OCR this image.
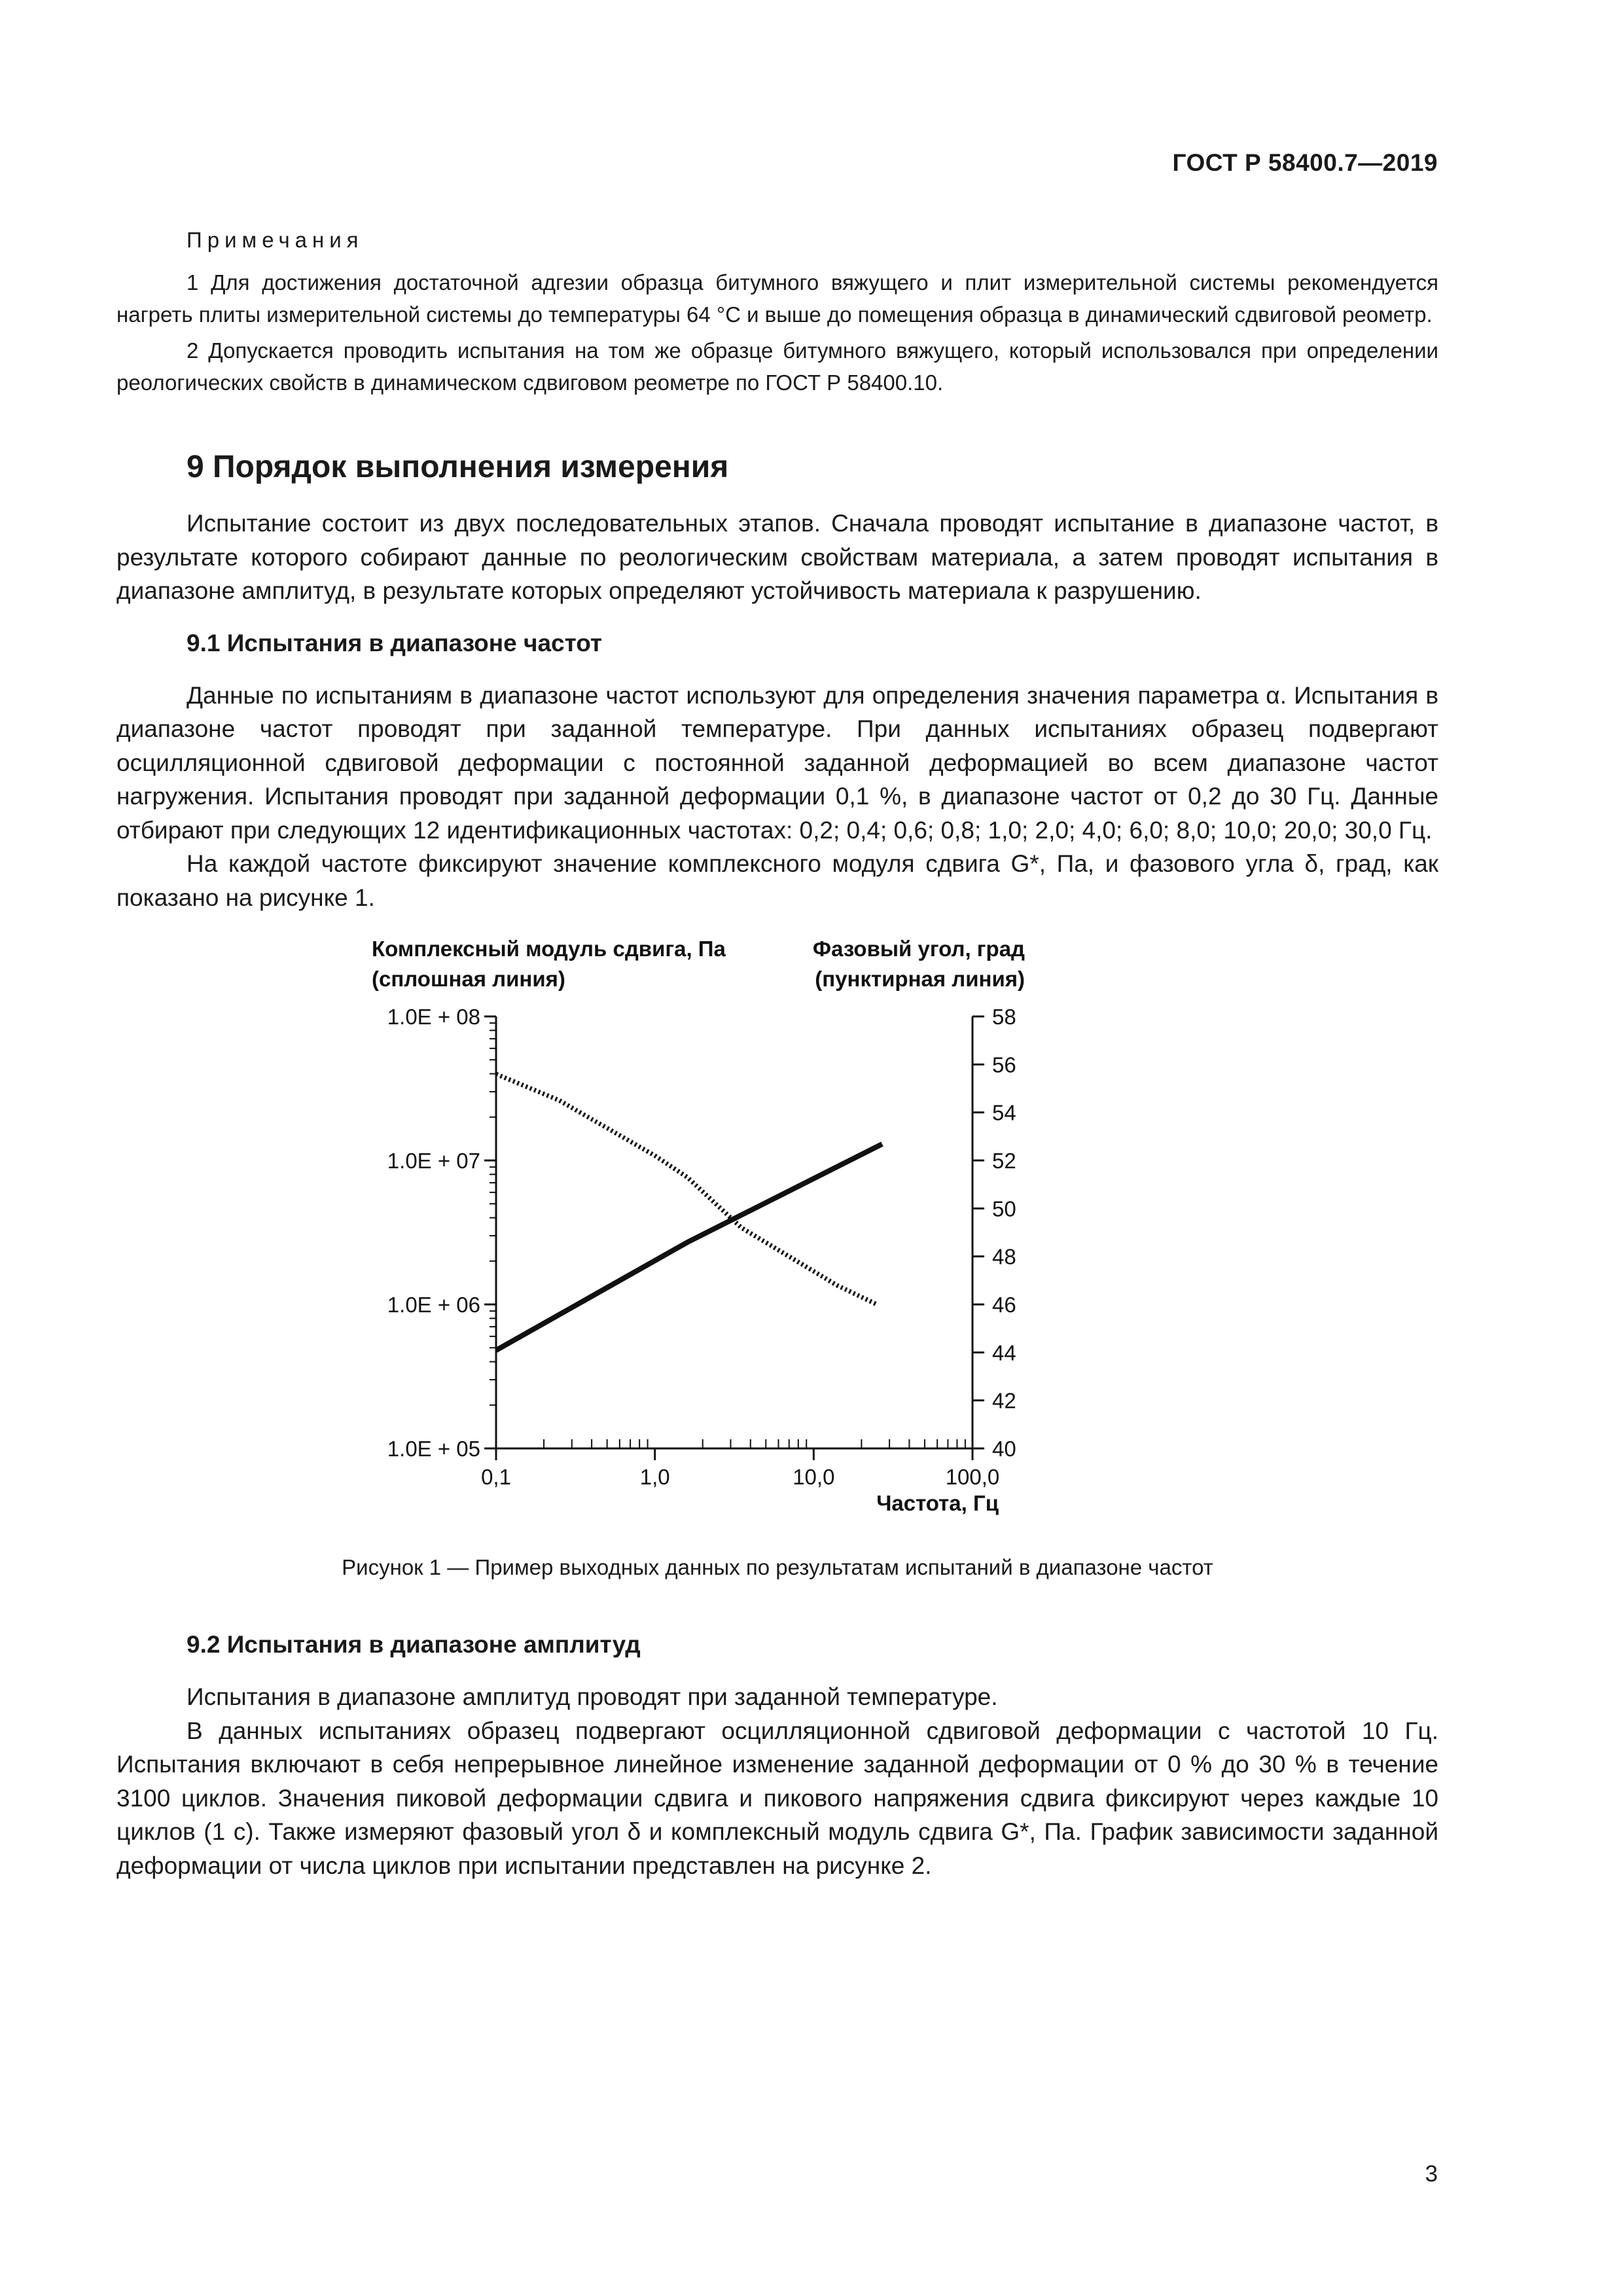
ГОСТ Р 58400.7—2019
Примечания

1 Для достижения достаточной адгезии образца битумного вяжущего и плит измерительной системы рекомендуется нагреть плиты измерительной системы до температуры 64 °С и выше до помещения образца в динамический сдвиговой реометр.

2 Допускается проводить испытания на том же образце битумного вяжущего, который использовался при определении реологических свойств в динамическом сдвиговом реометре по ГОСТ Р 58400.10.

9 Порядок выполнения измерения

Испытание состоит из двух последовательных этапов. Сначала проводят испытание в диапазоне частот, в результате которого собирают данные по реологическим свойствам материала, а затем проводят испытания в диапазоне амплитуд, в результате которых определяют устойчивость материала к разрушению.

9.1 Испытания в диапазоне частот

Данные по испытаниям в диапазоне частот используют для определения значения параметра α. Испытания в диапазоне частот проводят при заданной температуре. При данных испытаниях образец подвергают осцилляционной сдвиговой деформации с постоянной заданной деформацией во всем диапазоне частот нагружения. Испытания проводят при заданной деформации 0,1 %, в диапазоне частот от 0,2 до 30 Гц. Данные отбирают при следующих 12 идентификационных частотах: 0,2; 0,4; 0,6; 0,8; 1,0; 2,0; 4,0; 6,0; 8,0; 10,0; 20,0; 30,0 Гц.

На каждой частоте фиксируют значение комплексного модуля сдвига G*, Па, и фазового угла δ, град, как показано на рисунке 1.

Комплексный модуль сдвига, Па
(сплошная линия)
Фазовый угол, град
(пунктирная линия)
Частота, Гц
1.0E + 05
1.0E + 06
1.0E + 07
1.0E + 08
40
42
44
46
48
50
52
54
56
58
0,1	1,0	10,0	100,0
Рисунок 1 — Пример выходных данных по результатам испытаний в диапазоне частот
9.2 Испытания в диапазоне амплитуд

Испытания в диапазоне амплитуд проводят при заданной температуре.

В данных испытаниях образец подвергают осцилляционной сдвиговой деформации с частотой 10 Гц. Испытания включают в себя непрерывное линейное изменение заданной деформации от 0 % до 30 % в течение 3100 циклов. Значения пиковой деформации сдвига и пикового напряжения сдвига фиксируют через каждые 10 циклов (1 с). Также измеряют фазовый угол δ и комплексный модуль сдвига G*, Па. График зависимости заданной деформации от числа циклов при испытании представлен на рисунке 2.

3
